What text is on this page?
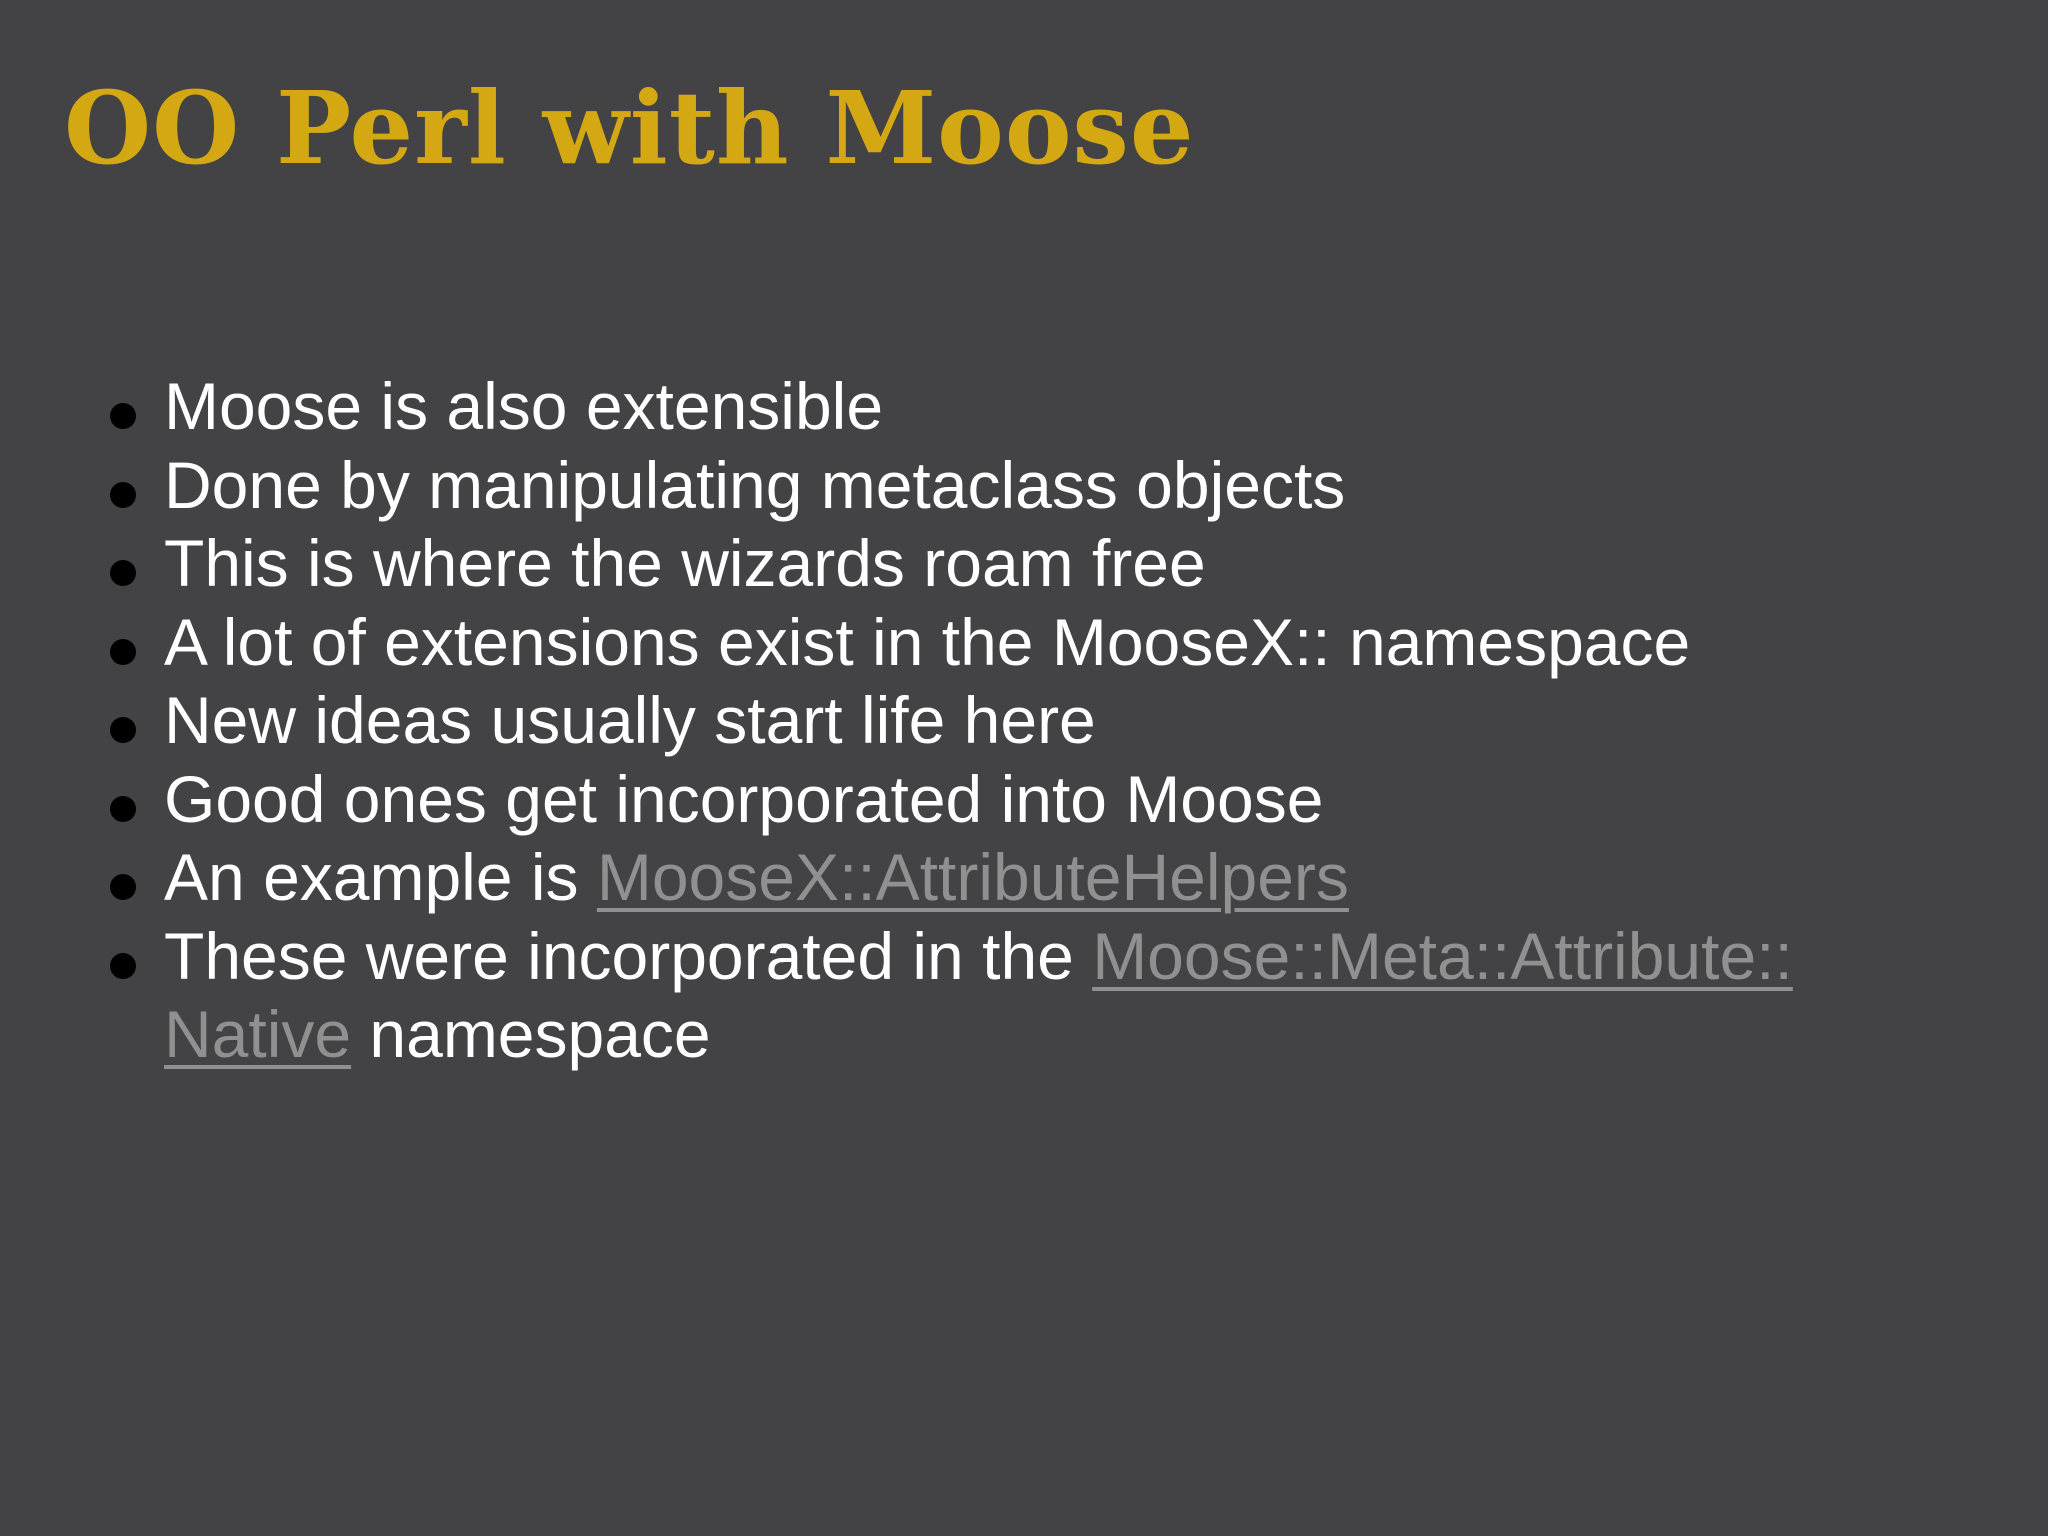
OO Perl with Moose
Moose is also extensible
Done by manipulating metaclass objects
This is where the wizards roam free
A lot of extensions exist in the MooseX:: namespace
New ideas usually start life here
Good ones get incorporated into Moose
An example is MooseX::AttributeHelpers
These were incorporated in the Moose::Meta::Attribute::
Native namespace
